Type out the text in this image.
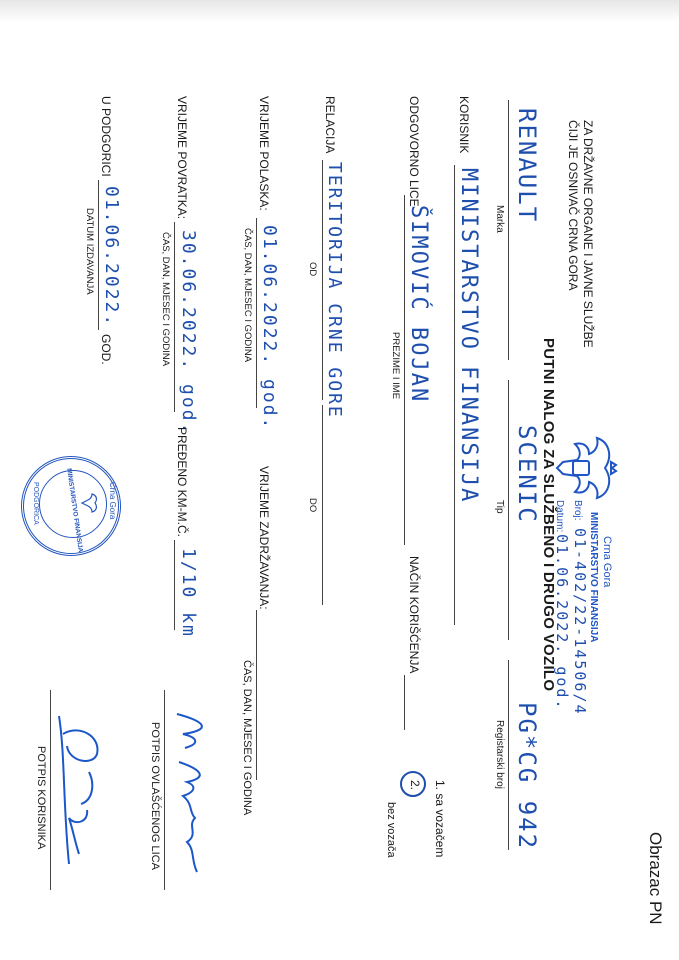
ZA DRŽAVNE ORGANE I JAVNE SLUŽBE
ČIJI JE OSNIVAČ CRNA GORA
Obrazac PN
Crna Gora
MINISTARSTVO FINANSIJA
Broj:
01-402/22-14506/4
Datum:
01.06.2022. god.
PUTNI NALOG ZA SLUŽBENO I DRUGO VOZILO
RENAULT
Marka
SCENIC
Tip
PG*CG 942
Registarski broj
KORISNIK
MINISTARSTVO FINANSIJA
ODGOVORNO LICE
ŠIMOVIĆ BOJAN
PREZIME I IME
NAČIN KORIŠĆENJA
1. sa vozačem
2.
bez vozača
RELACIJA
TERITORIJA CRNE GORE
OD
DO
VRIJEME POLASKA:
01.06.2022. god.
ČAS, DAN, MJESEC I GODINA
VRIJEME ZADRŽAVANJA:
ČAS, DAN, MJESEC I GODINA
VRIJEME POVRATKA:
30.06.2022. god.
ČAS, DAN, MJESEC I GODINA
PREĐENO KM-M.Č.
1/10 km
POTPIS OVLAŠĆENOG LICA
U PODGORICI
01.06.2022.
GOD.
DATUM IZDAVANJA
Crna Gora
MINISTARSTVO FINANSIJA
PODGORICA
POTPIS KORISNIKA
